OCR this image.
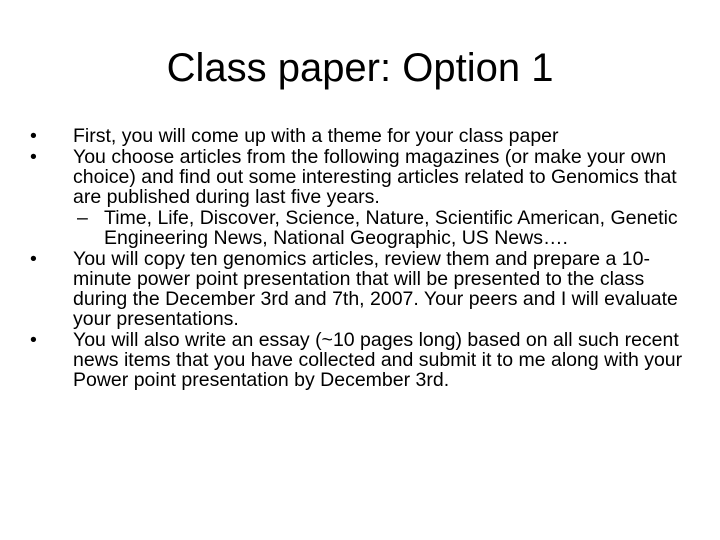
Class paper: Option 1
• First, you will come up with a theme for your class paper
• You choose articles from the following magazines (or make your own choice) and find out some interesting articles related to Genomics that are published during last five years.
– Time, Life, Discover, Science, Nature, Scientific American, Genetic Engineering News, National Geographic, US News….
• You will copy ten genomics articles, review them and prepare a 10-minute power point presentation that will be presented to the class during the December 3rd and 7th, 2007. Your peers and I will evaluate your presentations.
• You will also write an essay (~10 pages long) based on all such recent news items that you have collected and submit it to me along with your Power point presentation by December 3rd.
